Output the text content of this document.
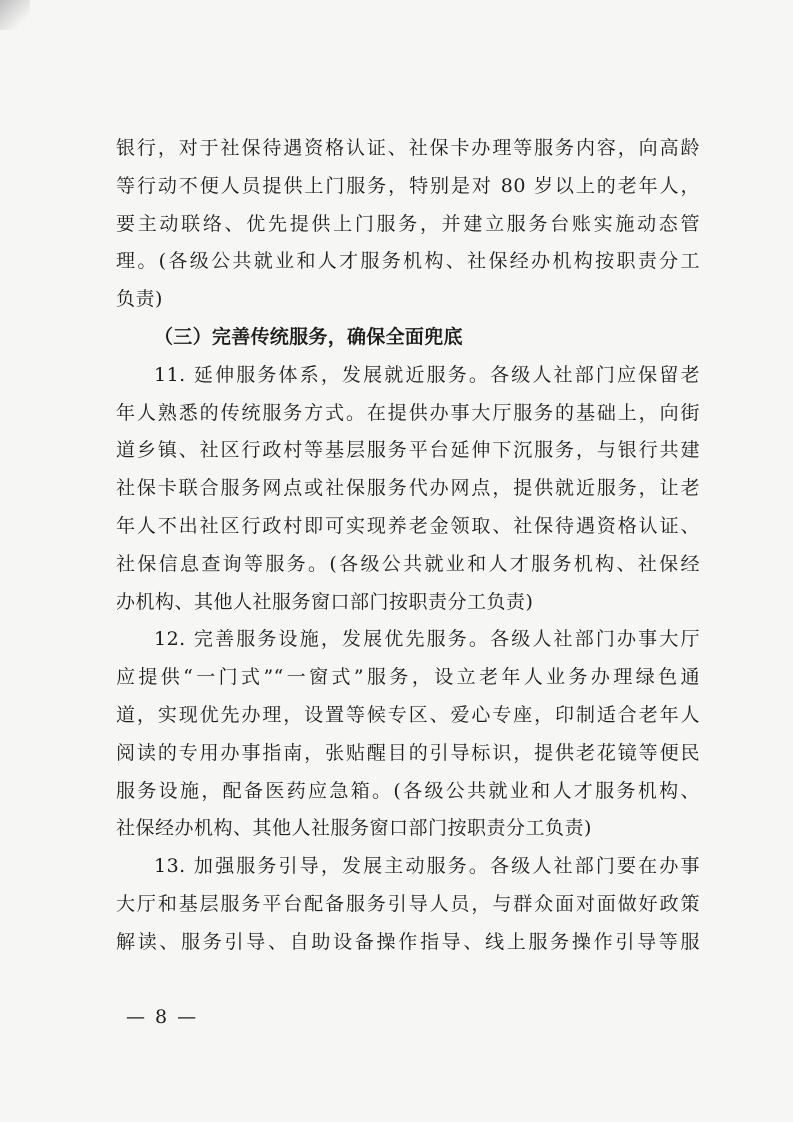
银行，对于社保待遇资格认证、社保卡办理等服务内容，向高龄
等行动不便人员提供上门服务，特别是对 80 岁以上的老年人，
要主动联络、优先提供上门服务，并建立服务台账实施动态管
理。(各级公共就业和人才服务机构、社保经办机构按职责分工
负责)
（三）完善传统服务，确保全面兜底
11. 延伸服务体系，发展就近服务。各级人社部门应保留老
年人熟悉的传统服务方式。在提供办事大厅服务的基础上，向街
道乡镇、社区行政村等基层服务平台延伸下沉服务，与银行共建
社保卡联合服务网点或社保服务代办网点，提供就近服务，让老
年人不出社区行政村即可实现养老金领取、社保待遇资格认证、
社保信息查询等服务。(各级公共就业和人才服务机构、社保经
办机构、其他人社服务窗口部门按职责分工负责)
12. 完善服务设施，发展优先服务。各级人社部门办事大厅
应提供“一门式”“一窗式”服务，设立老年人业务办理绿色通
道，实现优先办理，设置等候专区、爱心专座，印制适合老年人
阅读的专用办事指南，张贴醒目的引导标识，提供老花镜等便民
服务设施，配备医药应急箱。(各级公共就业和人才服务机构、
社保经办机构、其他人社服务窗口部门按职责分工负责)
13. 加强服务引导，发展主动服务。各级人社部门要在办事
大厅和基层服务平台配备服务引导人员，与群众面对面做好政策
解读、服务引导、自助设备操作指导、线上服务操作引导等服
— 8 —
